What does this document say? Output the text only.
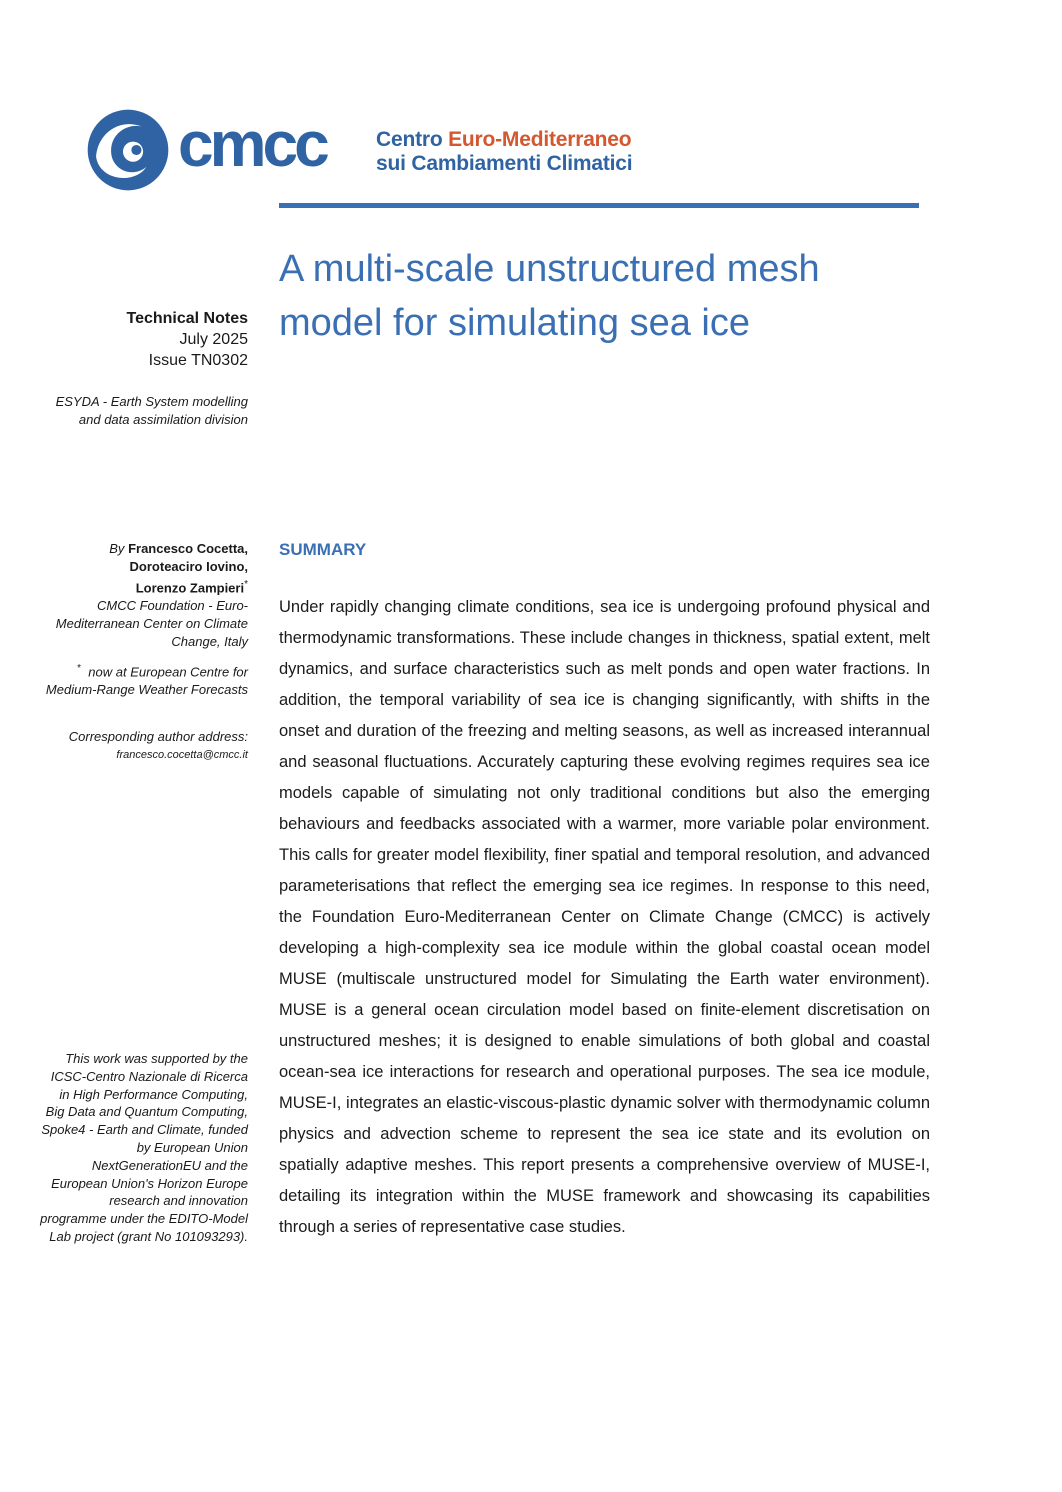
cmcc Centro Euro-Mediterraneo
sui Cambiamenti Climatici
A multi-scale unstructured mesh model for simulating sea ice
Technical Notes
July 2025
Issue TN0302
ESYDA - Earth System modelling and data assimilation division
By Francesco Cocetta,
Doroteaciro Iovino,
Lorenzo Zampieri*
CMCC Foundation - Euro-Mediterranean Center on Climate Change, Italy
* now at European Centre for Medium-Range Weather Forecasts
Corresponding author address:
francesco.cocetta@cmcc.it
This work was supported by the ICSC-Centro Nazionale di Ricerca in High Performance Computing, Big Data and Quantum Computing, Spoke4 - Earth and Climate, funded by European Union NextGenerationEU and the European Union's Horizon Europe research and innovation programme under the EDITO-Model Lab project (grant No 101093293).
SUMMARY

Under rapidly changing climate conditions, sea ice is undergoing profound physical and thermodynamic transformations. These include changes in thickness, spatial extent, melt dynamics, and surface characteristics such as melt ponds and open water fractions. In addition, the temporal variability of sea ice is changing significantly, with shifts in the onset and duration of the freezing and melting seasons, as well as increased interannual and seasonal fluctuations. Accurately capturing these evolving regimes requires sea ice models capable of simulating not only traditional conditions but also the emerging behaviours and feedbacks associated with a warmer, more variable polar environment. This calls for greater model flexibility, finer spatial and temporal resolution, and advanced parameterisations that reflect the emerging sea ice regimes. In response to this need, the Foundation Euro-Mediterranean Center on Climate Change (CMCC) is actively developing a high-complexity sea ice module within the global coastal ocean model MUSE (multiscale unstructured model for Simulating the Earth water environment). MUSE is a general ocean circulation model based on finite-element discretisation on unstructured meshes; it is designed to enable simulations of both global and coastal ocean-sea ice interactions for research and operational purposes. The sea ice module, MUSE-I, integrates an elastic-viscous-plastic dynamic solver with thermodynamic column physics and advection scheme to represent the sea ice state and its evolution on spatially adaptive meshes. This report presents a comprehensive overview of MUSE-I, detailing its integration within the MUSE framework and showcasing its capabilities through a series of representative case studies.
